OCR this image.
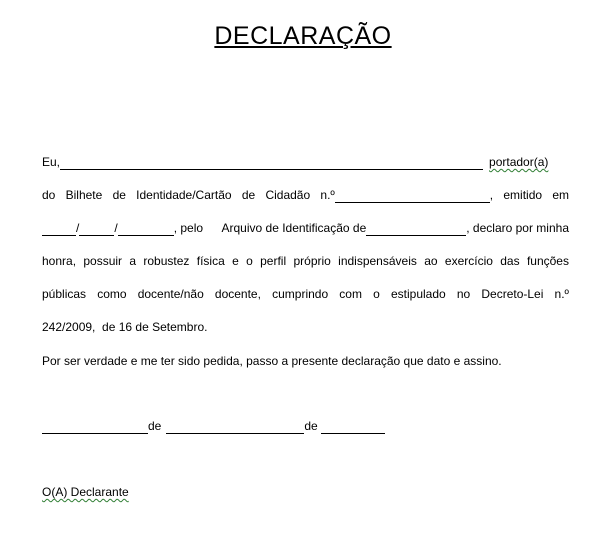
DECLARAÇÃO
Eu,	portador(a)
do Bilhete de Identidade/Cartão de Cidadão n.º	, emitido em
/	/	, pelo Arquivo de Identificação de	, declaro por minha
honra, possuir a robustez física e o perfil próprio indispensáveis ao exercício das funções
públicas como docente/não docente, cumprindo com o estipulado no Decreto-Lei n.º
242/2009,  de 16 de Setembro.
Por ser verdade e me ter sido pedida, passo a presente declaração que dato e assino.
de	de
O(A) Declarante
